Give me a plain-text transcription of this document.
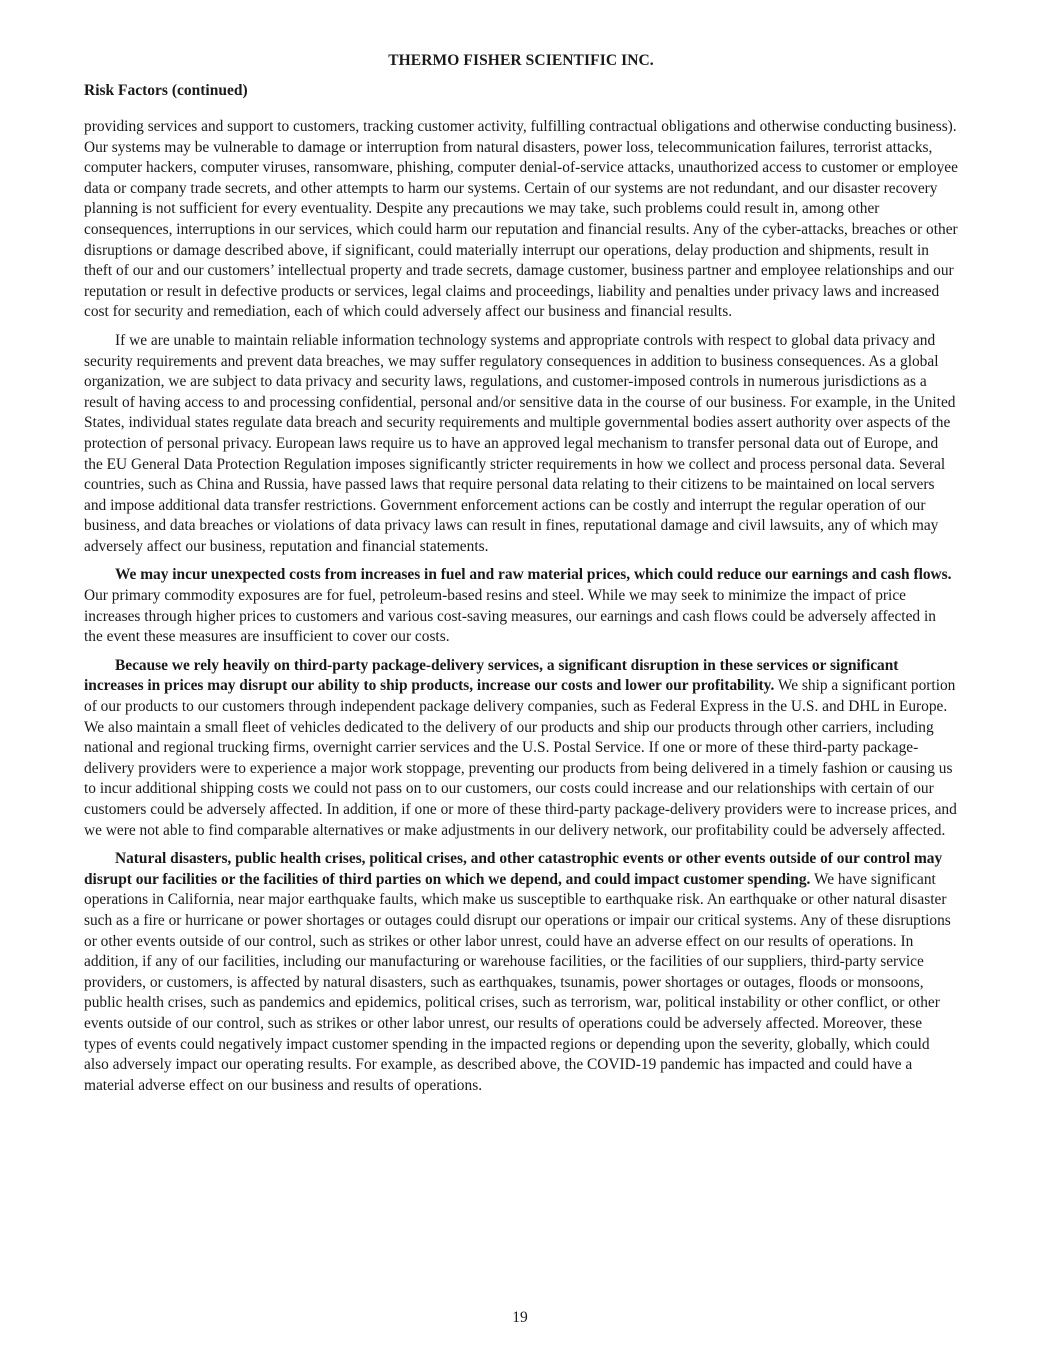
THERMO FISHER SCIENTIFIC INC.
Risk Factors (continued)

providing services and support to customers, tracking customer activity, fulfilling contractual obligations and otherwise conducting business). Our systems may be vulnerable to damage or interruption from natural disasters, power loss, telecommunication failures, terrorist attacks, computer hackers, computer viruses, ransomware, phishing, computer denial-of-service attacks, unauthorized access to customer or employee data or company trade secrets, and other attempts to harm our systems. Certain of our systems are not redundant, and our disaster recovery planning is not sufficient for every eventuality. Despite any precautions we may take, such problems could result in, among other consequences, interruptions in our services, which could harm our reputation and financial results. Any of the cyber-attacks, breaches or other disruptions or damage described above, if significant, could materially interrupt our operations, delay production and shipments, result in theft of our and our customers’ intellectual property and trade secrets, damage customer, business partner and employee relationships and our reputation or result in defective products or services, legal claims and proceedings, liability and penalties under privacy laws and increased cost for security and remediation, each of which could adversely affect our business and financial results.

If we are unable to maintain reliable information technology systems and appropriate controls with respect to global data privacy and security requirements and prevent data breaches, we may suffer regulatory consequences in addition to business consequences. As a global organization, we are subject to data privacy and security laws, regulations, and customer-imposed controls in numerous jurisdictions as a result of having access to and processing confidential, personal and/or sensitive data in the course of our business. For example, in the United States, individual states regulate data breach and security requirements and multiple governmental bodies assert authority over aspects of the protection of personal privacy. European laws require us to have an approved legal mechanism to transfer personal data out of Europe, and the EU General Data Protection Regulation imposes significantly stricter requirements in how we collect and process personal data. Several countries, such as China and Russia, have passed laws that require personal data relating to their citizens to be maintained on local servers and impose additional data transfer restrictions. Government enforcement actions can be costly and interrupt the regular operation of our business, and data breaches or violations of data privacy laws can result in fines, reputational damage and civil lawsuits, any of which may adversely affect our business, reputation and financial statements.

We may incur unexpected costs from increases in fuel and raw material prices, which could reduce our earnings and cash flows. Our primary commodity exposures are for fuel, petroleum-based resins and steel. While we may seek to minimize the impact of price increases through higher prices to customers and various cost-saving measures, our earnings and cash flows could be adversely affected in the event these measures are insufficient to cover our costs.

Because we rely heavily on third-party package-delivery services, a significant disruption in these services or significant increases in prices may disrupt our ability to ship products, increase our costs and lower our profitability. We ship a significant portion of our products to our customers through independent package delivery companies, such as Federal Express in the U.S. and DHL in Europe. We also maintain a small fleet of vehicles dedicated to the delivery of our products and ship our products through other carriers, including national and regional trucking firms, overnight carrier services and the U.S. Postal Service. If one or more of these third-party package-delivery providers were to experience a major work stoppage, preventing our products from being delivered in a timely fashion or causing us to incur additional shipping costs we could not pass on to our customers, our costs could increase and our relationships with certain of our customers could be adversely affected. In addition, if one or more of these third-party package-delivery providers were to increase prices, and we were not able to find comparable alternatives or make adjustments in our delivery network, our profitability could be adversely affected.

Natural disasters, public health crises, political crises, and other catastrophic events or other events outside of our control may disrupt our facilities or the facilities of third parties on which we depend, and could impact customer spending. We have significant operations in California, near major earthquake faults, which make us susceptible to earthquake risk. An earthquake or other natural disaster such as a fire or hurricane or power shortages or outages could disrupt our operations or impair our critical systems. Any of these disruptions or other events outside of our control, such as strikes or other labor unrest, could have an adverse effect on our results of operations. In addition, if any of our facilities, including our manufacturing or warehouse facilities, or the facilities of our suppliers, third-party service providers, or customers, is affected by natural disasters, such as earthquakes, tsunamis, power shortages or outages, floods or monsoons, public health crises, such as pandemics and epidemics, political crises, such as terrorism, war, political instability or other conflict, or other events outside of our control, such as strikes or other labor unrest, our results of operations could be adversely affected. Moreover, these types of events could negatively impact customer spending in the impacted regions or depending upon the severity, globally, which could also adversely impact our operating results. For example, as described above, the COVID-19 pandemic has impacted and could have a material adverse effect on our business and results of operations.

19
